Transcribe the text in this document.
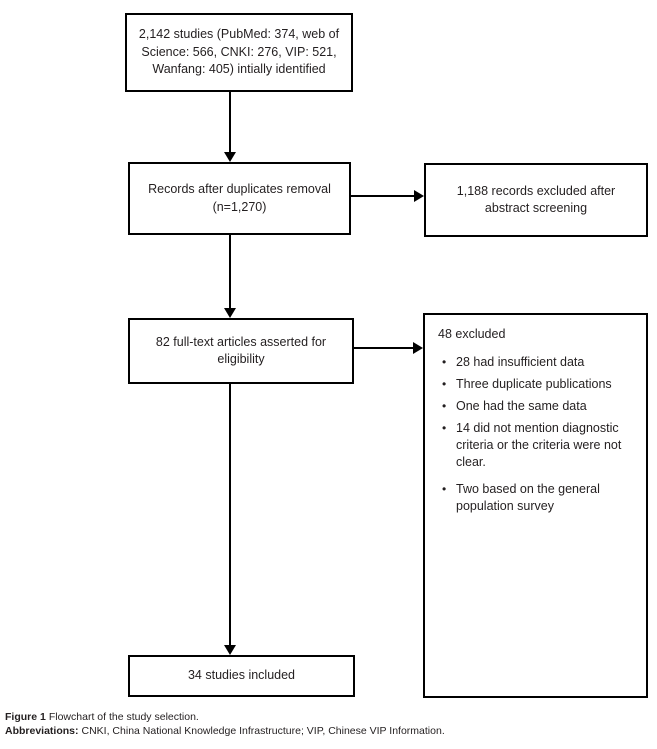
2,142 studies (PubMed: 374, web of Science: 566, CNKI: 276, VIP: 521, Wanfang: 405) intially identified
Records after duplicates removal (n=1,270)
1,188 records excluded after abstract screening
82 full-text articles asserted for eligibility
48 excluded
• 28 had insufficient data
• Three duplicate publications
• One had the same data
• 14 did not mention diagnostic criteria or the criteria were not clear.
• Two based on the general population survey
34 studies included
Figure 1 Flowchart of the study selection.
Abbreviations: CNKI, China National Knowledge Infrastructure; VIP, Chinese VIP Information.
